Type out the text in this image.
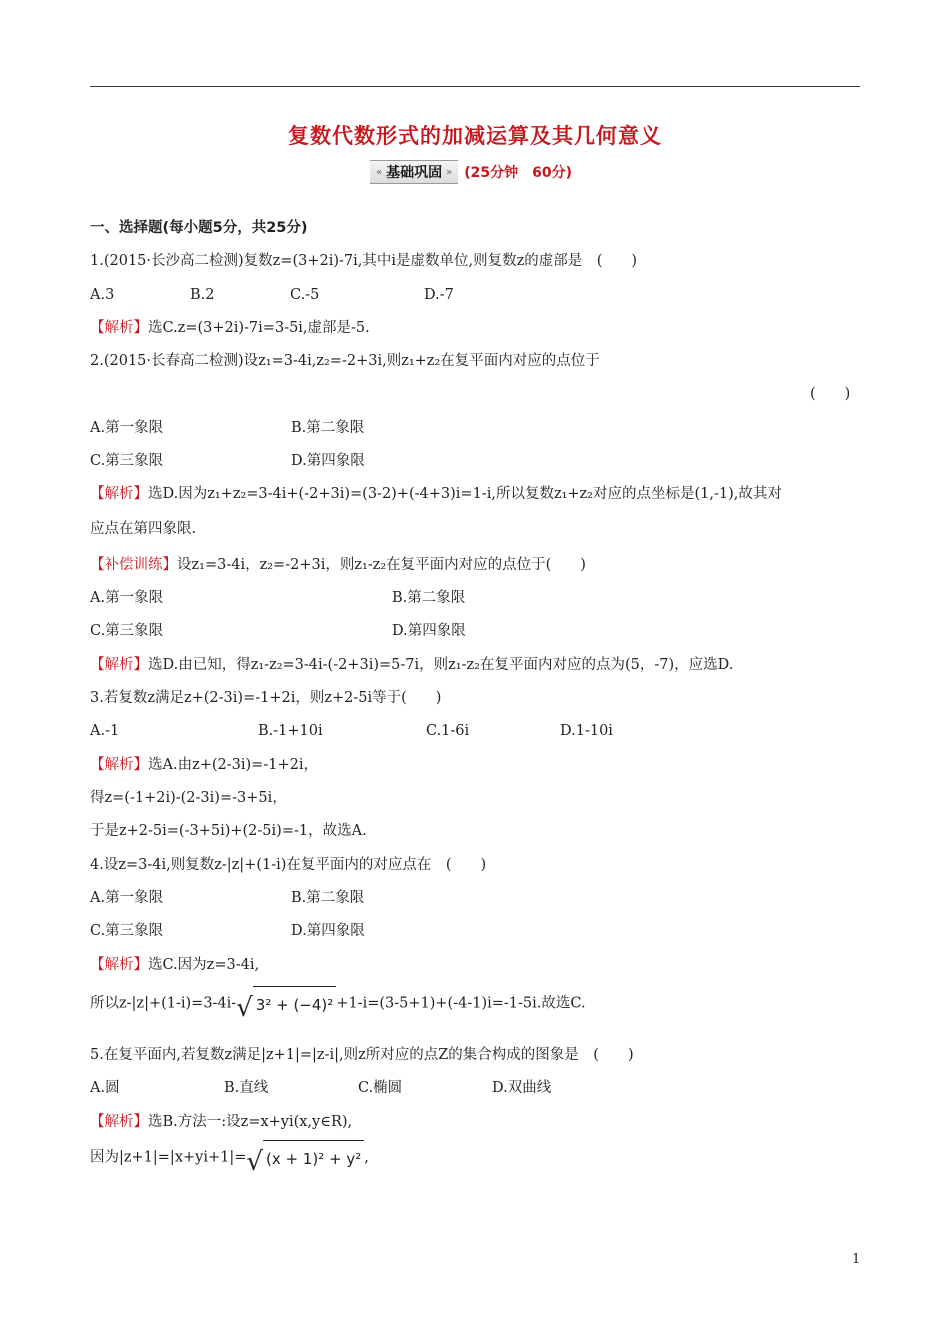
复数代数形式的加减运算及其几何意义
« 基础巩固 » (25分钟　60分)
一、选择题(每小题5分，共25分)
1.(2015·长沙高二检测)复数z=(3+2i)-7i,其中i是虚数单位,则复数z的虚部是　(　　)
A.3	B.2	C.-5	D.-7
【解析】选C.z=(3+2i)-7i=3-5i,虚部是-5.
2.(2015·长春高二检测)设z₁=3-4i,z₂=-2+3i,则z₁+z₂在复平面内对应的点位于
(　　)
A.第一象限	B.第二象限
C.第三象限	D.第四象限
【解析】选D.因为z₁+z₂=3-4i+(-2+3i)=(3-2)+(-4+3)i=1-i,所以复数z₁+z₂对应的点坐标是(1,-1),故其对
应点在第四象限.
【补偿训练】设z₁=3-4i，z₂=-2+3i，则z₁-z₂在复平面内对应的点位于(　　)
A.第一象限	B.第二象限
C.第三象限	D.第四象限
【解析】选D.由已知，得z₁-z₂=3-4i-(-2+3i)=5-7i，则z₁-z₂在复平面内对应的点为(5，-7)，应选D.
3.若复数z满足z+(2-3i)=-1+2i，则z+2-5i等于(　　)
A.-1	B.-1+10i	C.1-6i	D.1-10i
【解析】选A.由z+(2-3i)=-1+2i，
得z=(-1+2i)-(2-3i)=-3+5i，
于是z+2-5i=(-3+5i)+(2-5i)=-1，故选A.
4.设z=3-4i,则复数z-|z|+(1-i)在复平面内的对应点在　(　　)
A.第一象限	B.第二象限
C.第三象限	D.第四象限
【解析】选C.因为z=3-4i,
所以z-|z|+(1-i)=3-4i- √ 3² + (−4)² +1-i=(3-5+1)+(-4-1)i=-1-5i.故选C.
5.在复平面内,若复数z满足|z+1|=|z-i|,则z所对应的点Z的集合构成的图象是　(　　)
A.圆	B.直线	C.椭圆	D.双曲线
【解析】选B.方法一:设z=x+yi(x,y∈R),
因为|z+1|=|x+yi+1|= √ (x + 1)² + y² ,
1
